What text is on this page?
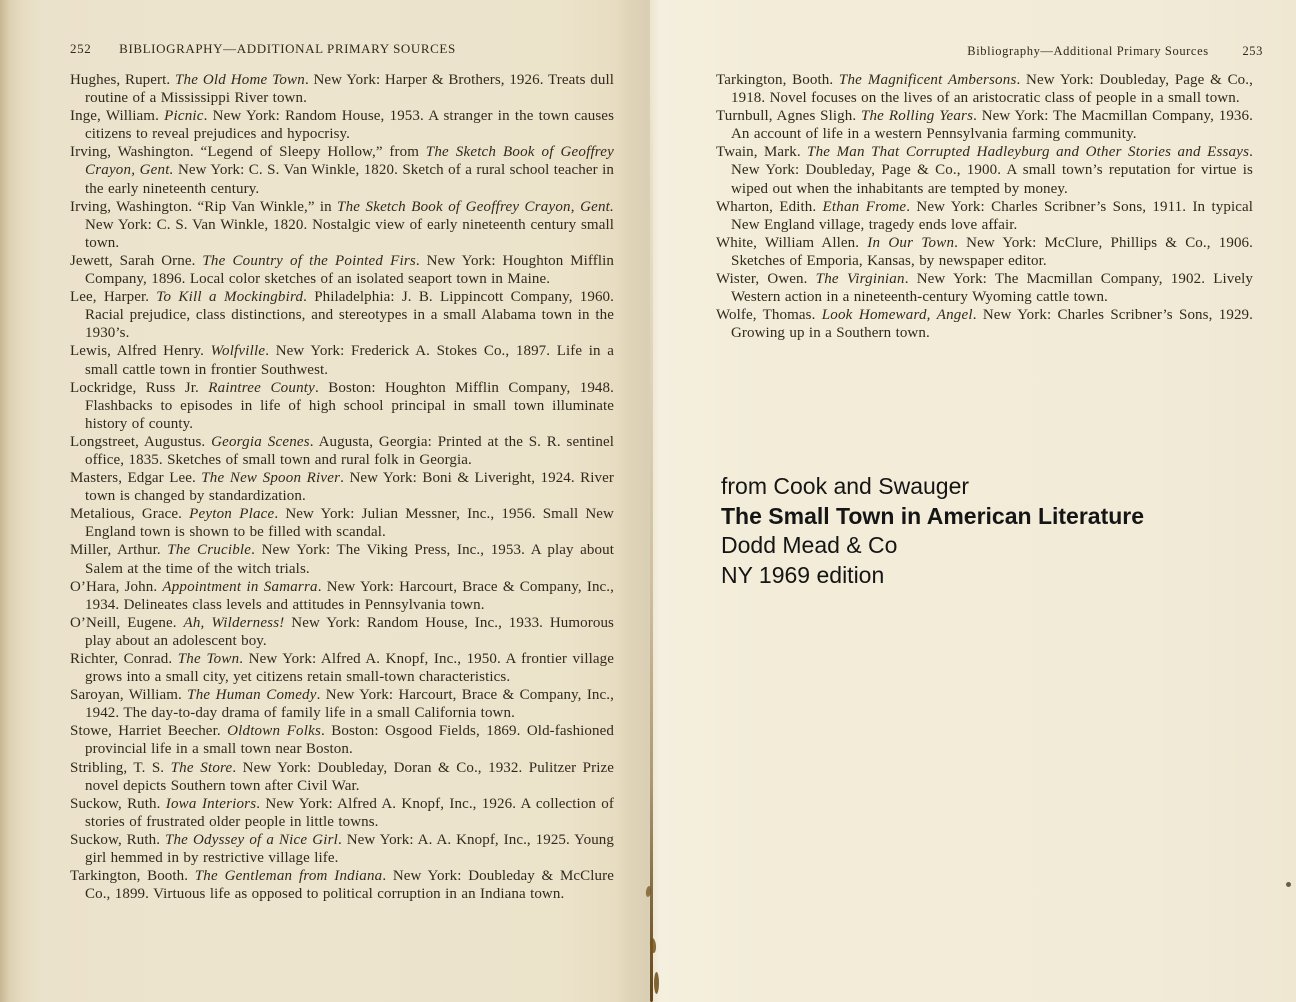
252 BIBLIOGRAPHY—ADDITIONAL PRIMARY SOURCES	Bibliography—Additional Primary Sources	253

Hughes, Rupert. The Old Home Town. New York: Harper & Brothers, 1926. Treats dull routine of a Mississippi River town.

Inge, William. Picnic. New York: Random House, 1953. A stranger in the town causes citizens to reveal prejudices and hypocrisy.

Irving, Washington. “Legend of Sleepy Hollow,” from The Sketch Book of Geoffrey Crayon, Gent. New York: C. S. Van Winkle, 1820. Sketch of a rural school teacher in the early nineteenth century.

Irving, Washington. “Rip Van Winkle,” in The Sketch Book of Geoffrey Crayon, Gent. New York: C. S. Van Winkle, 1820. Nostalgic view of early nineteenth century small town.

Jewett, Sarah Orne. The Country of the Pointed Firs. New York: Houghton Mifflin Company, 1896. Local color sketches of an isolated seaport town in Maine.

Lee, Harper. To Kill a Mockingbird. Philadelphia: J. B. Lippincott Company, 1960. Racial prejudice, class distinctions, and stereotypes in a small Alabama town in the 1930’s.

Lewis, Alfred Henry. Wolfville. New York: Frederick A. Stokes Co., 1897. Life in a small cattle town in frontier Southwest.

Lockridge, Russ Jr. Raintree County. Boston: Houghton Mifflin Company, 1948. Flashbacks to episodes in life of high school principal in small town illuminate history of county.

Longstreet, Augustus. Georgia Scenes. Augusta, Georgia: Printed at the S. R. sentinel office, 1835. Sketches of small town and rural folk in Georgia.

Masters, Edgar Lee. The New Spoon River. New York: Boni & Liveright, 1924. River town is changed by standardization.

Metalious, Grace. Peyton Place. New York: Julian Messner, Inc., 1956. Small New England town is shown to be filled with scandal.

Miller, Arthur. The Crucible. New York: The Viking Press, Inc., 1953. A play about Salem at the time of the witch trials.

O’Hara, John. Appointment in Samarra. New York: Harcourt, Brace & Company, Inc., 1934. Delineates class levels and attitudes in Pennsylvania town.

O’Neill, Eugene. Ah, Wilderness! New York: Random House, Inc., 1933. Humorous play about an adolescent boy.

Richter, Conrad. The Town. New York: Alfred A. Knopf, Inc., 1950. A frontier village grows into a small city, yet citizens retain small-town characteristics.

Saroyan, William. The Human Comedy. New York: Harcourt, Brace & Company, Inc., 1942. The day-to-day drama of family life in a small California town.

Stowe, Harriet Beecher. Oldtown Folks. Boston: Osgood Fields, 1869. Old-fashioned provincial life in a small town near Boston.

Stribling, T. S. The Store. New York: Doubleday, Doran & Co., 1932. Pulitzer Prize novel depicts Southern town after Civil War.

Suckow, Ruth. Iowa Interiors. New York: Alfred A. Knopf, Inc., 1926. A collection of stories of frustrated older people in little towns.

Suckow, Ruth. The Odyssey of a Nice Girl. New York: A. A. Knopf, Inc., 1925. Young girl hemmed in by restrictive village life.

Tarkington, Booth. The Gentleman from Indiana. New York: Doubleday & McClure Co., 1899. Virtuous life as opposed to political corruption in an Indiana town.

Tarkington, Booth. The Magnificent Ambersons. New York: Doubleday, Page & Co., 1918. Novel focuses on the lives of an aristocratic class of people in a small town.

Turnbull, Agnes Sligh. The Rolling Years. New York: The Macmillan Company, 1936. An account of life in a western Pennsylvania farming community.

Twain, Mark. The Man That Corrupted Hadleyburg and Other Stories and Essays. New York: Doubleday, Page & Co., 1900. A small town’s reputation for virtue is wiped out when the inhabitants are tempted by money.

Wharton, Edith. Ethan Frome. New York: Charles Scribner’s Sons, 1911. In typical New England village, tragedy ends love affair.

White, William Allen. In Our Town. New York: McClure, Phillips & Co., 1906. Sketches of Emporia, Kansas, by newspaper editor.

Wister, Owen. The Virginian. New York: The Macmillan Company, 1902. Lively Western action in a nineteenth-century Wyoming cattle town.

Wolfe, Thomas. Look Homeward, Angel. New York: Charles Scribner’s Sons, 1929. Growing up in a Southern town.

from Cook and Swauger
The Small Town in American Literature
Dodd Mead & Co
NY 1969 edition
